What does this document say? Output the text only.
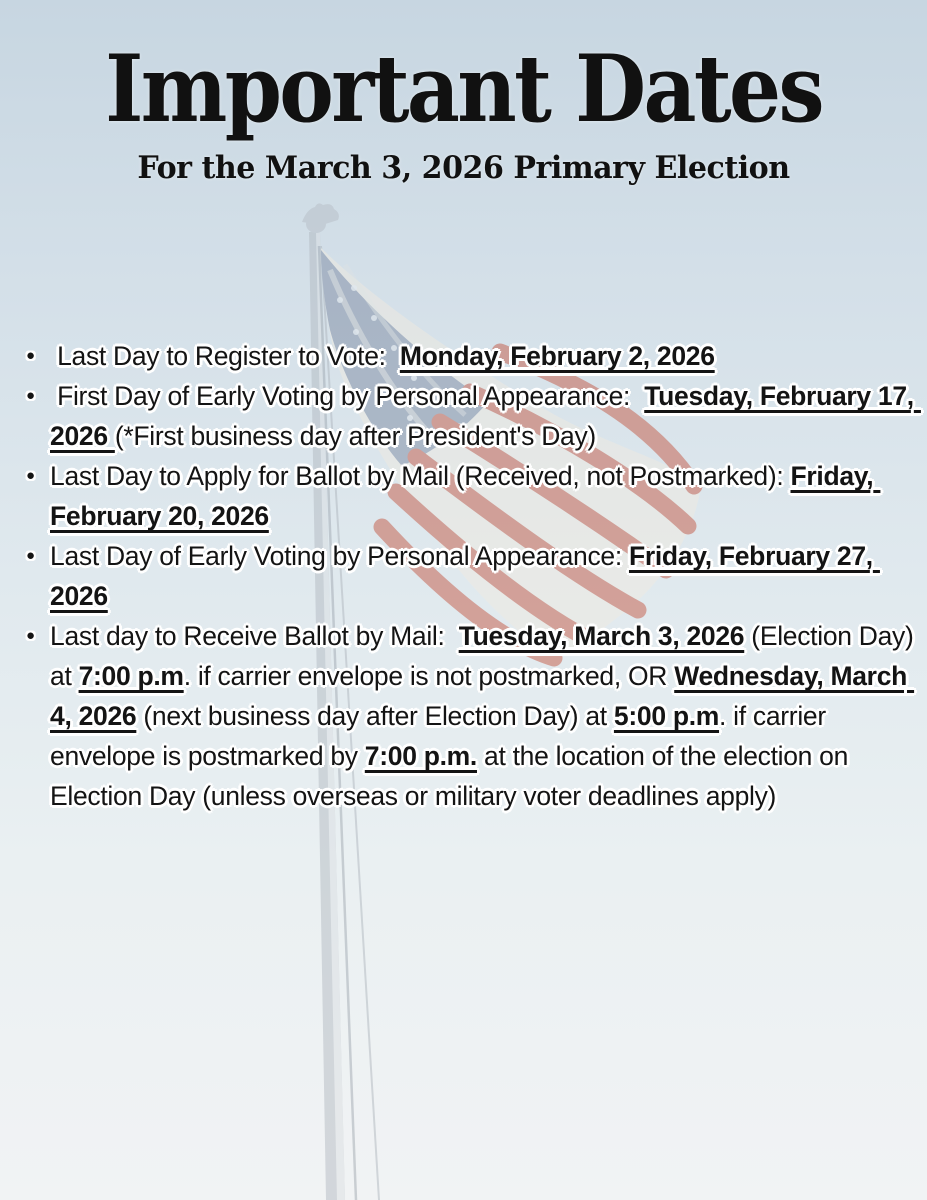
Important Dates
For the March 3, 2026 Primary Election
● Last Day to Register to Vote:  Monday, February 2, 2026
● First Day of Early Voting by Personal Appearance:  Tuesday, February 17, 2026 (*First business day after President's Day)
● Last Day to Apply for Ballot by Mail (Received, not Postmarked): Friday, February 20, 2026
● Last Day of Early Voting by Personal Appearance: Friday, February 27, 2026
● Last day to Receive Ballot by Mail:  Tuesday, March 3, 2026 (Election Day) at 7:00 p.m. if carrier envelope is not postmarked, OR Wednesday, March 4, 2026 (next business day after Election Day) at 5:00 p.m. if carrier envelope is postmarked by 7:00 p.m. at the location of the election on Election Day (unless overseas or military voter deadlines apply)
